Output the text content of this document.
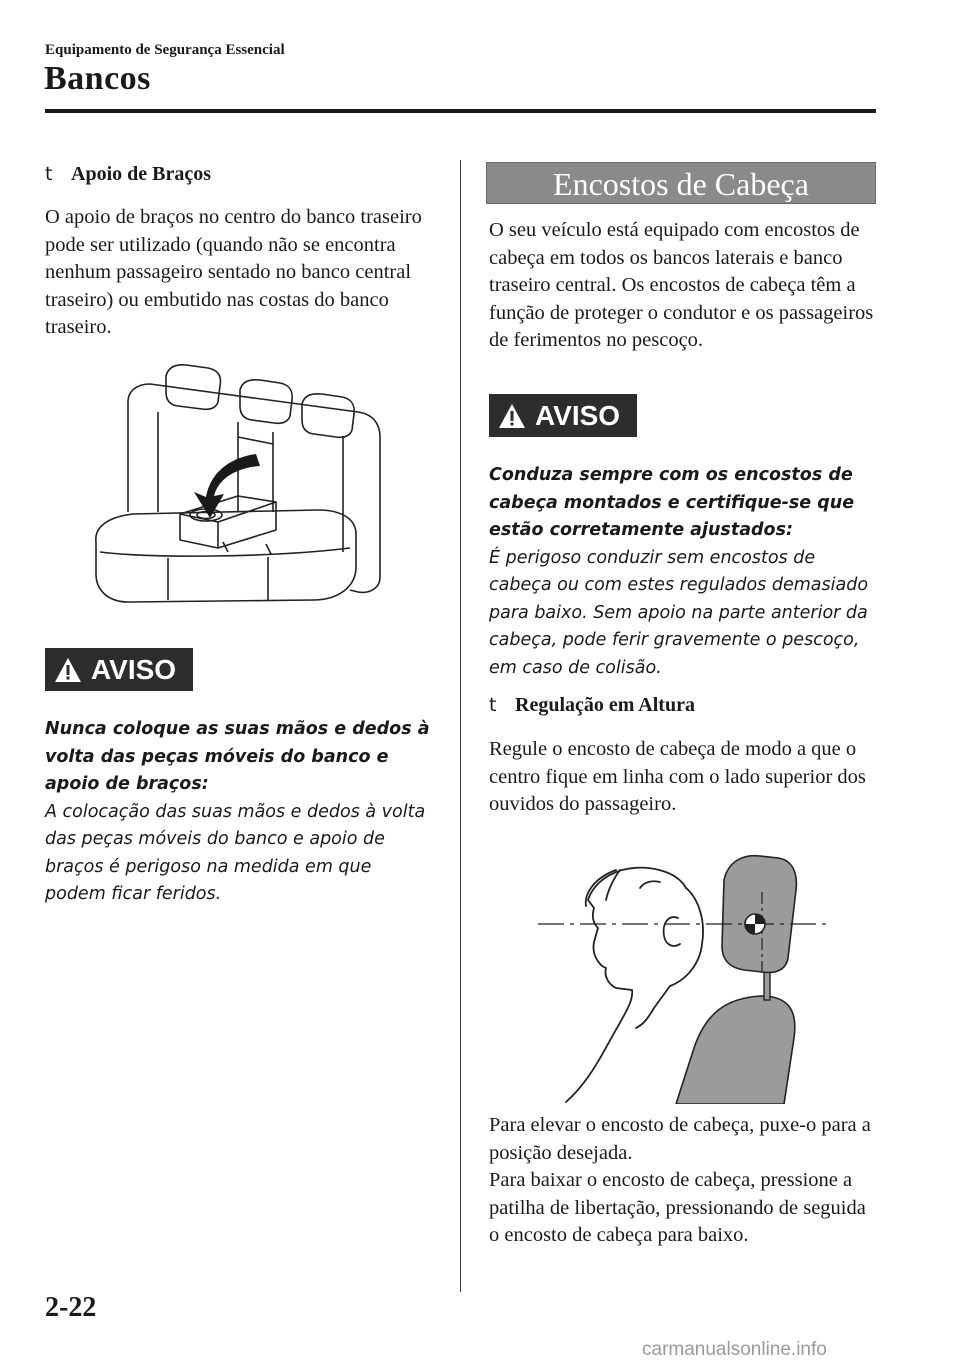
Equipamento de Segurança Essencial
Bancos
t Apoio de Braços

O apoio de braços no centro do banco traseiro pode ser utilizado (quando não se encontra nenhum passageiro sentado no banco central traseiro) ou embutido nas costas do banco traseiro.

AVISO
Nunca coloque as suas mãos e dedos à volta das peças móveis do banco e apoio de braços:
A colocação das suas mãos e dedos à volta das peças móveis do banco e apoio de braços é perigoso na medida em que podem ficar feridos.
Encostos de Cabeça

O seu veículo está equipado com encostos de cabeça em todos os bancos laterais e banco traseiro central. Os encostos de cabeça têm a função de proteger o condutor e os passageiros de ferimentos no pescoço.

AVISO
Conduza sempre com os encostos de cabeça montados e certifique-se que estão corretamente ajustados:
É perigoso conduzir sem encostos de cabeça ou com estes regulados demasiado para baixo. Sem apoio na parte anterior da cabeça, pode ferir gravemente o pescoço, em caso de colisão.
t Regulação em Altura

Regule o encosto de cabeça de modo a que o centro fique em linha com o lado superior dos ouvidos do passageiro.

Para elevar o encosto de cabeça, puxe-o para a posição desejada.

Para baixar o encosto de cabeça, pressione a patilha de libertação, pressionando de seguida o encosto de cabeça para baixo.

2-22
carmanualsonline.info
